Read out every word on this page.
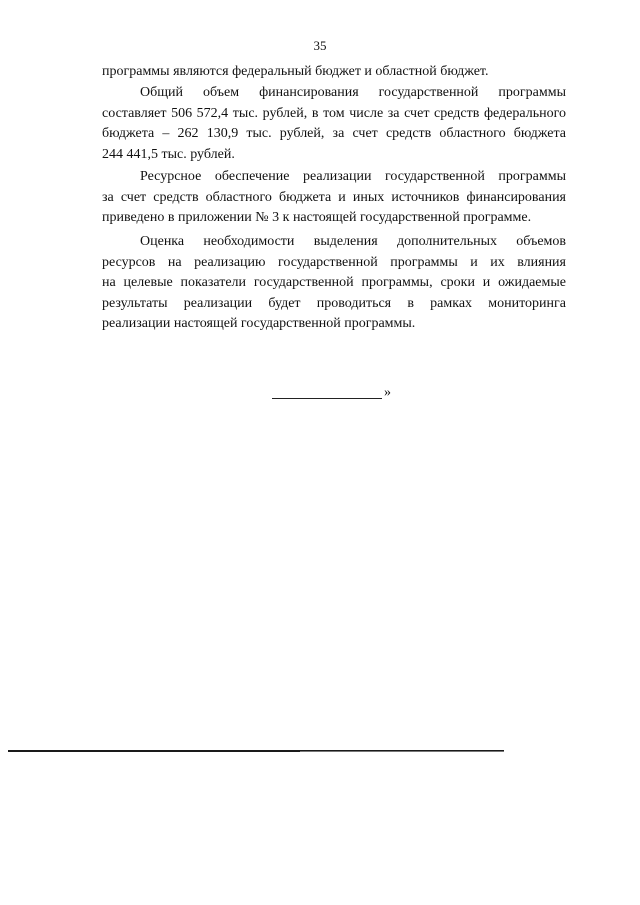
35
программы являются федеральный бюджет и областной бюджет.
Общий объем финансирования государственной программы
составляет 506 572,4 тыс. рублей, в том числе за счет средств федерального
бюджета – 262 130,9 тыс. рублей, за счет средств областного бюджета
244 441,5 тыс. рублей.
Ресурсное обеспечение реализации государственной программы
за счет средств областного бюджета и иных источников финансирования
приведено в приложении № 3 к настоящей государственной программе.
Оценка необходимости выделения дополнительных объемов
ресурсов на реализацию государственной программы и их влияния
на целевые показатели государственной программы, сроки и ожидаемые
результаты реализации будет проводиться в рамках мониторинга
реализации настоящей государственной программы.
»
